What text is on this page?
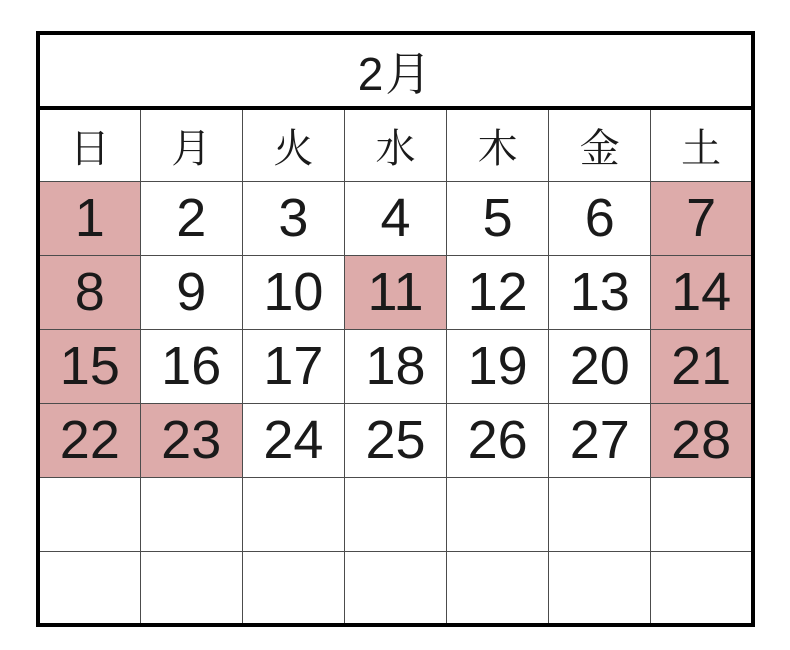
2月						
日	月	火	水	木	金	土
1	2	3	4	5	6	7
8	9	10	11	12	13	14
15	16	17	18	19	20	21
22	23	24	25	26	27	28
